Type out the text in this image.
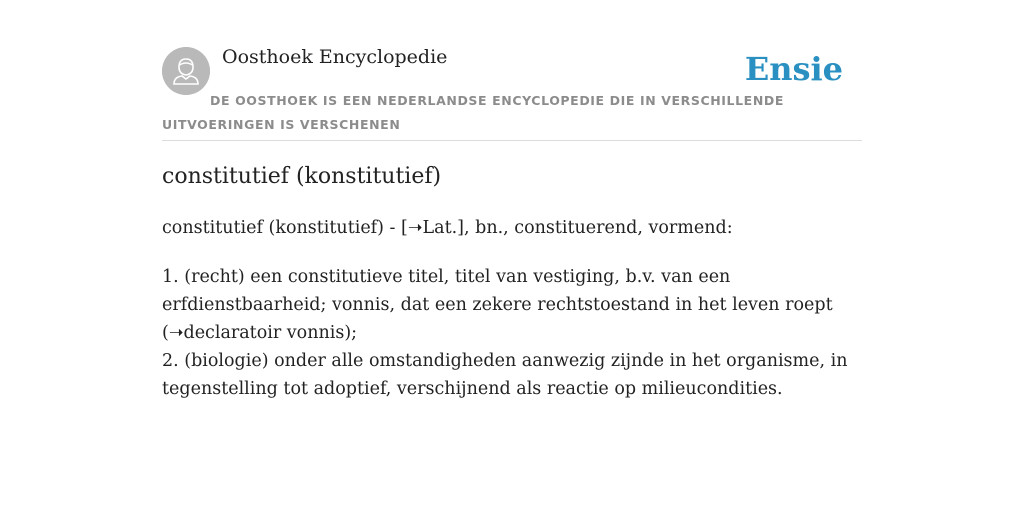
Oosthoek Encyclopedie	Ensie
DE OOSTHOEK IS EEN NEDERLANDSE ENCYCLOPEDIE DIE IN VERSCHILLENDE UITVOERINGEN IS VERSCHENEN
constitutief (konstitutief)

constitutief (konstitutief) - [➝Lat.], bn., constituerend, vormend:

1. (recht) een constitutieve titel, titel van vestiging, b.v. van een erfdienstbaarheid; vonnis, dat een zekere rechtstoestand in het leven roept (➝declaratoir vonnis);
2. (biologie) onder alle omstandigheden aanwezig zijnde in het organisme, in tegenstelling tot adoptief, verschijnend als reactie op milieucondities.
